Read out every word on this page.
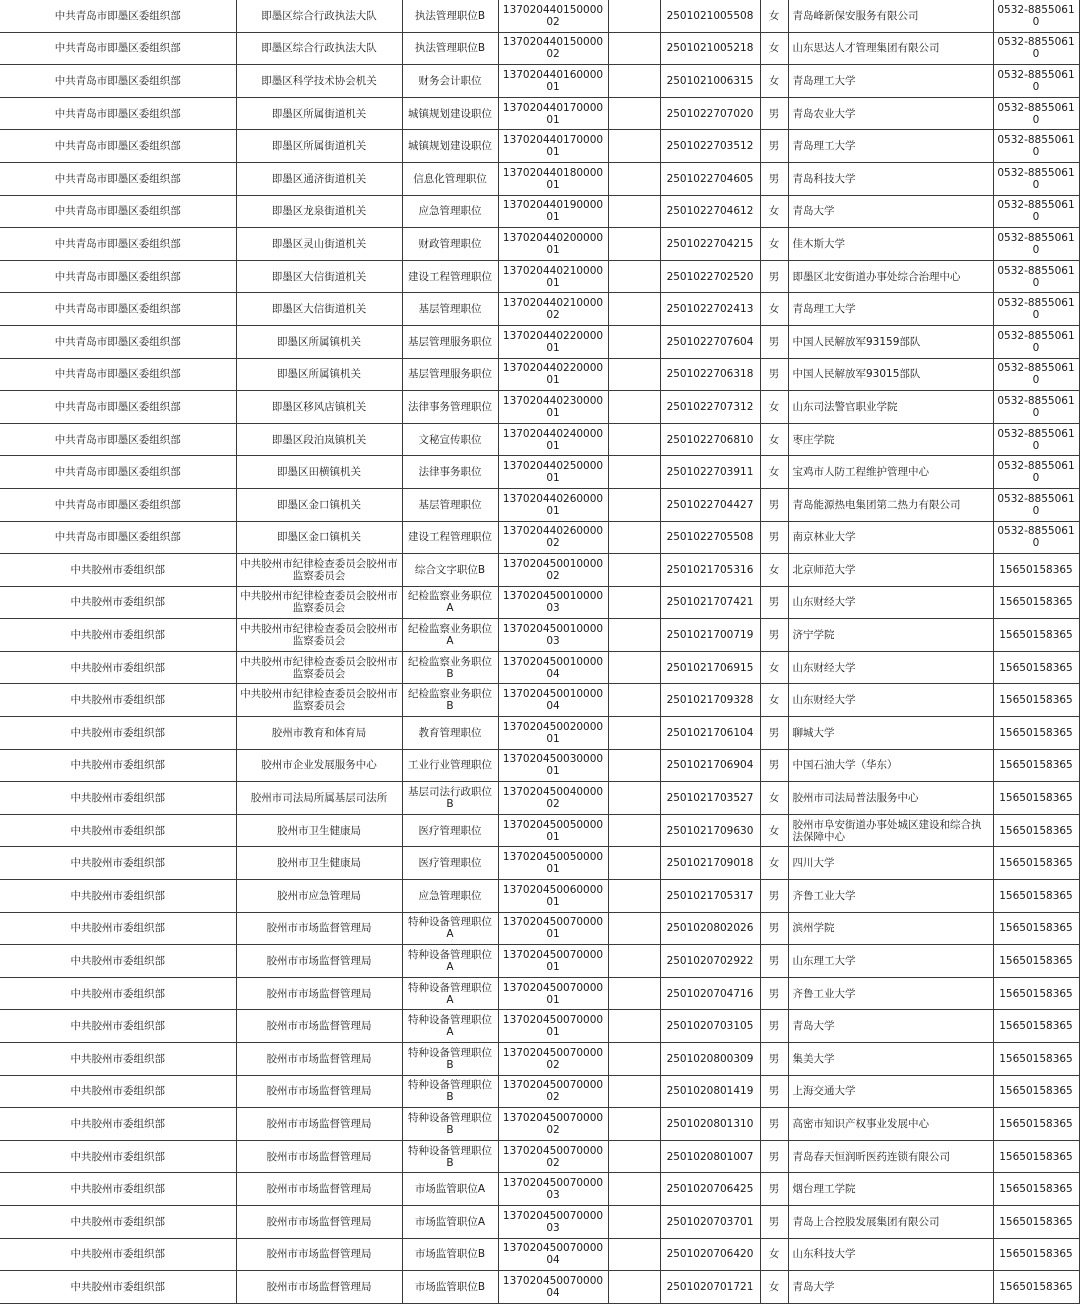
中共青岛市即墨区委组织部	即墨区综合行政执法大队	执法管理职位B	13702044015000002		2501021005508	女	青岛峰新保安服务有限公司	0532-88550610
中共青岛市即墨区委组织部	即墨区综合行政执法大队	执法管理职位B	13702044015000002		2501021005218	女	山东思达人才管理集团有限公司	0532-88550610
中共青岛市即墨区委组织部	即墨区科学技术协会机关	财务会计职位	13702044016000001		2501021006315	女	青岛理工大学	0532-88550610
中共青岛市即墨区委组织部	即墨区所属街道机关	城镇规划建设职位	13702044017000001		2501022707020	男	青岛农业大学	0532-88550610
中共青岛市即墨区委组织部	即墨区所属街道机关	城镇规划建设职位	13702044017000001		2501022703512	男	青岛理工大学	0532-88550610
中共青岛市即墨区委组织部	即墨区通济街道机关	信息化管理职位	13702044018000001		2501022704605	男	青岛科技大学	0532-88550610
中共青岛市即墨区委组织部	即墨区龙泉街道机关	应急管理职位	13702044019000001		2501022704612	女	青岛大学	0532-88550610
中共青岛市即墨区委组织部	即墨区灵山街道机关	财政管理职位	13702044020000001		2501022704215	女	佳木斯大学	0532-88550610
中共青岛市即墨区委组织部	即墨区大信街道机关	建设工程管理职位	13702044021000001		2501022702520	男	即墨区北安街道办事处综合治理中心	0532-88550610
中共青岛市即墨区委组织部	即墨区大信街道机关	基层管理职位	13702044021000002		2501022702413	女	青岛理工大学	0532-88550610
中共青岛市即墨区委组织部	即墨区所属镇机关	基层管理服务职位	13702044022000001		2501022707604	男	中国人民解放军93159部队	0532-88550610
中共青岛市即墨区委组织部	即墨区所属镇机关	基层管理服务职位	13702044022000001		2501022706318	男	中国人民解放军93015部队	0532-88550610
中共青岛市即墨区委组织部	即墨区移风店镇机关	法律事务管理职位	13702044023000001		2501022707312	女	山东司法警官职业学院	0532-88550610
中共青岛市即墨区委组织部	即墨区段泊岚镇机关	文秘宣传职位	13702044024000001		2501022706810	女	枣庄学院	0532-88550610
中共青岛市即墨区委组织部	即墨区田横镇机关	法律事务职位	13702044025000001		2501022703911	女	宝鸡市人防工程维护管理中心	0532-88550610
中共青岛市即墨区委组织部	即墨区金口镇机关	基层管理职位	13702044026000001		2501022704427	男	青岛能源热电集团第二热力有限公司	0532-88550610
中共青岛市即墨区委组织部	即墨区金口镇机关	建设工程管理职位	13702044026000002		2501022705508	男	南京林业大学	0532-88550610
中共胶州市委组织部	中共胶州市纪律检查委员会胶州市监察委员会	综合文字职位B	13702045001000002		2501021705316	女	北京师范大学	15650158365
中共胶州市委组织部	中共胶州市纪律检查委员会胶州市监察委员会	纪检监察业务职位A	13702045001000003		2501021707421	男	山东财经大学	15650158365
中共胶州市委组织部	中共胶州市纪律检查委员会胶州市监察委员会	纪检监察业务职位A	13702045001000003		2501021700719	男	济宁学院	15650158365
中共胶州市委组织部	中共胶州市纪律检查委员会胶州市监察委员会	纪检监察业务职位B	13702045001000004		2501021706915	女	山东财经大学	15650158365
中共胶州市委组织部	中共胶州市纪律检查委员会胶州市监察委员会	纪检监察业务职位B	13702045001000004		2501021709328	女	山东财经大学	15650158365
中共胶州市委组织部	胶州市教育和体育局	教育管理职位	13702045002000001		2501021706104	男	聊城大学	15650158365
中共胶州市委组织部	胶州市企业发展服务中心	工业行业管理职位	13702045003000001		2501021706904	男	中国石油大学（华东）	15650158365
中共胶州市委组织部	胶州市司法局所属基层司法所	基层司法行政职位B	13702045004000002		2501021703527	女	胶州市司法局普法服务中心	15650158365
中共胶州市委组织部	胶州市卫生健康局	医疗管理职位	13702045005000001		2501021709630	女	胶州市阜安街道办事处城区建设和综合执法保障中心	15650158365
中共胶州市委组织部	胶州市卫生健康局	医疗管理职位	13702045005000001		2501021709018	女	四川大学	15650158365
中共胶州市委组织部	胶州市应急管理局	应急管理职位	13702045006000001		2501021705317	男	齐鲁工业大学	15650158365
中共胶州市委组织部	胶州市市场监督管理局	特种设备管理职位A	13702045007000001		2501020802026	男	滨州学院	15650158365
中共胶州市委组织部	胶州市市场监督管理局	特种设备管理职位A	13702045007000001		2501020702922	男	山东理工大学	15650158365
中共胶州市委组织部	胶州市市场监督管理局	特种设备管理职位A	13702045007000001		2501020704716	男	齐鲁工业大学	15650158365
中共胶州市委组织部	胶州市市场监督管理局	特种设备管理职位A	13702045007000001		2501020703105	男	青岛大学	15650158365
中共胶州市委组织部	胶州市市场监督管理局	特种设备管理职位B	13702045007000002		2501020800309	男	集美大学	15650158365
中共胶州市委组织部	胶州市市场监督管理局	特种设备管理职位B	13702045007000002		2501020801419	男	上海交通大学	15650158365
中共胶州市委组织部	胶州市市场监督管理局	特种设备管理职位B	13702045007000002		2501020801310	男	高密市知识产权事业发展中心	15650158365
中共胶州市委组织部	胶州市市场监督管理局	特种设备管理职位B	13702045007000002		2501020801007	男	青岛春天恒润昕医药连锁有限公司	15650158365
中共胶州市委组织部	胶州市市场监督管理局	市场监管职位A	13702045007000003		2501020706425	男	烟台理工学院	15650158365
中共胶州市委组织部	胶州市市场监督管理局	市场监管职位A	13702045007000003		2501020703701	男	青岛上合控股发展集团有限公司	15650158365
中共胶州市委组织部	胶州市市场监督管理局	市场监管职位B	13702045007000004		2501020706420	女	山东科技大学	15650158365
中共胶州市委组织部	胶州市市场监督管理局	市场监管职位B	13702045007000004		2501020701721	女	青岛大学	15650158365
